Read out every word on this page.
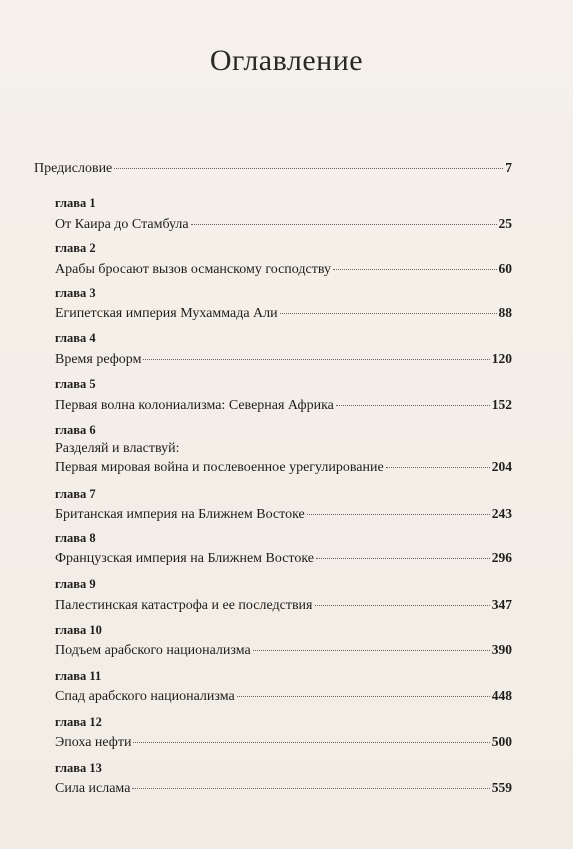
Оглавление
Предисловие	7
глава 1
От Каира до Стамбула	25
глава 2
Арабы бросают вызов османскому господству	60
глава 3
Египетская империя Мухаммада Али	88
глава 4
Время реформ	120
глава 5
Первая волна колониализма: Северная Африка	152
глава 6
Разделяй и властвуй:
Первая мировая война и послевоенное урегулирование	204
глава 7
Британская империя на Ближнем Востоке	243
глава 8
Французская империя на Ближнем Востоке	296
глава 9
Палестинская катастрофа и ее последствия	347
глава 10
Подъем арабского национализма	390
глава 11
Спад арабского национализма	448
глава 12
Эпоха нефти	500
глава 13
Сила ислама	559
